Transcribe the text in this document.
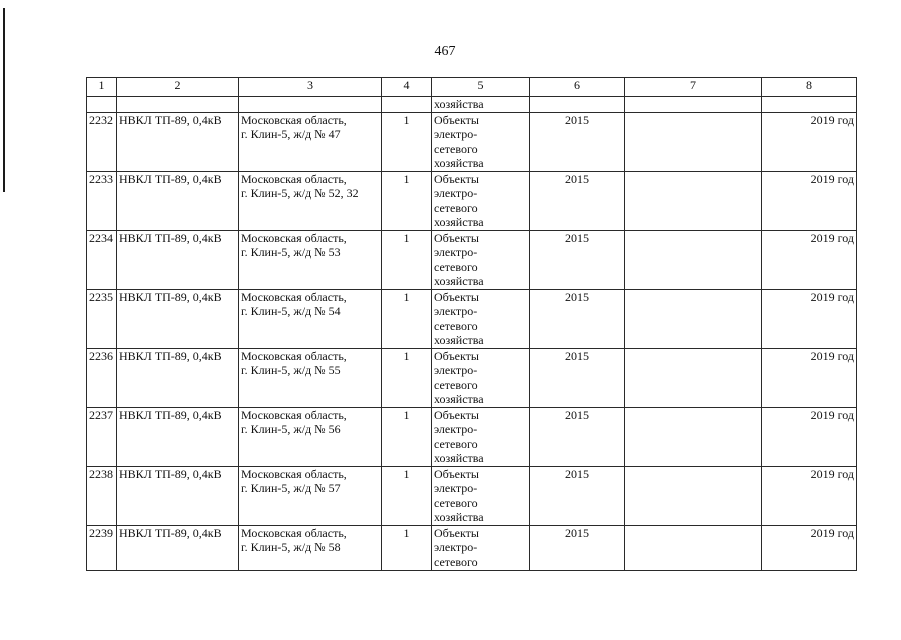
467
1	2	3	4	5	6	7	8
				хозяйства			

2232	НВКЛ ТП-89, 0,4кВ	Московская область,
г. Клин-5, ж/д № 47	1	Объекты
электро-
сетевого
хозяйства	2015		2019 год

2233	НВКЛ ТП-89, 0,4кВ	Московская область,
г. Клин-5, ж/д № 52, 32	1	Объекты
электро-
сетевого
хозяйства	2015		2019 год

2234	НВКЛ ТП-89, 0,4кВ	Московская область,
г. Клин-5, ж/д № 53	1	Объекты
электро-
сетевого
хозяйства	2015		2019 год

2235	НВКЛ ТП-89, 0,4кВ	Московская область,
г. Клин-5, ж/д № 54	1	Объекты
электро-
сетевого
хозяйства	2015		2019 год

2236	НВКЛ ТП-89, 0,4кВ	Московская область,
г. Клин-5, ж/д № 55	1	Объекты
электро-
сетевого
хозяйства	2015		2019 год

2237	НВКЛ ТП-89, 0,4кВ	Московская область,
г. Клин-5, ж/д № 56	1	Объекты
электро-
сетевого
хозяйства	2015		2019 год

2238	НВКЛ ТП-89, 0,4кВ	Московская область,
г. Клин-5, ж/д № 57	1	Объекты
электро-
сетевого
хозяйства	2015		2019 год

2239	НВКЛ ТП-89, 0,4кВ	Московская область,
г. Клин-5, ж/д № 58	1	Объекты
электро-
сетевого	2015		2019 год
